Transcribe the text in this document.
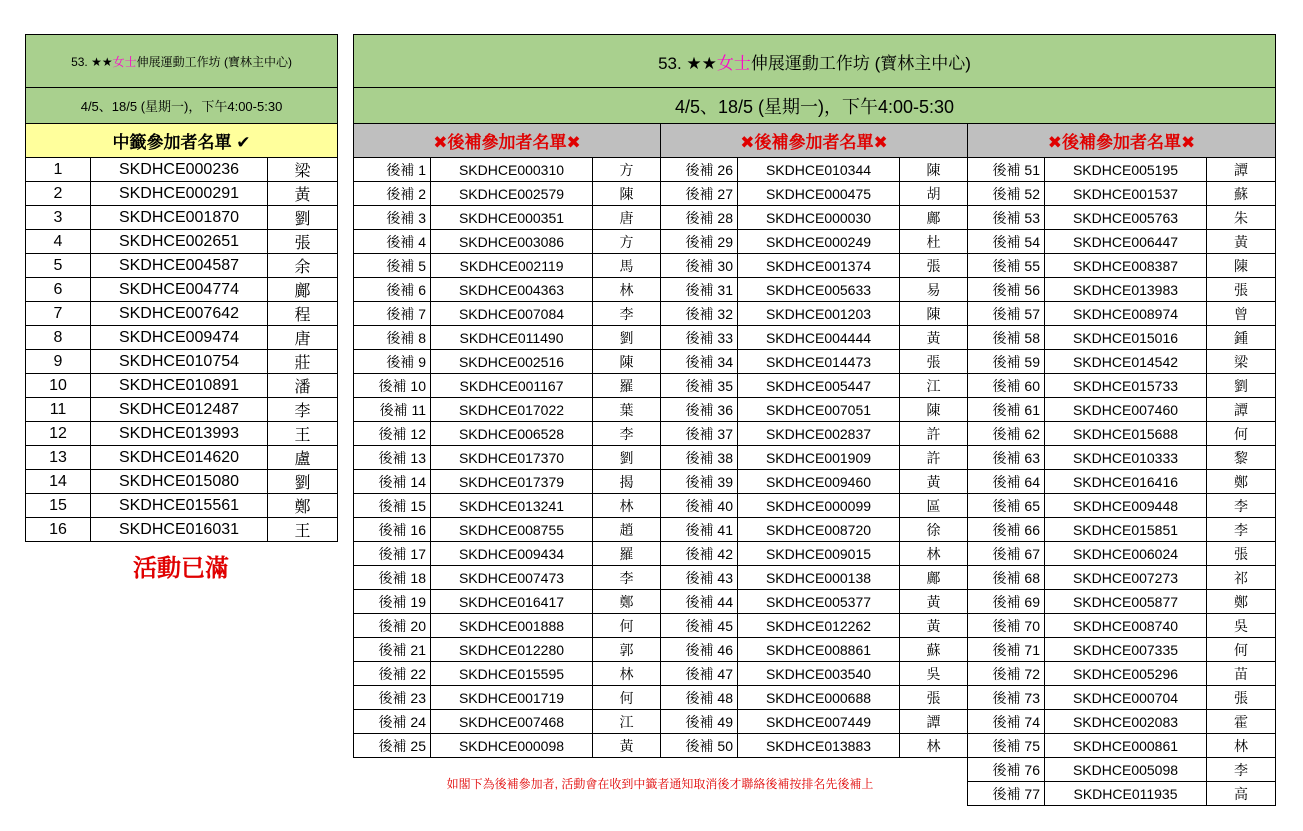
53. ★★女士伸展運動工作坊 (寶林主中心)		
4/5、18/5 (星期一)，下午4:00-5:30		
中籤參加者名單 ✔		
1	SKDHCE000236	梁
2	SKDHCE000291	黃
3	SKDHCE001870	劉
4	SKDHCE002651	張
5	SKDHCE004587	余
6	SKDHCE004774	鄺
7	SKDHCE007642	程
8	SKDHCE009474	唐
9	SKDHCE010754	莊
10	SKDHCE010891	潘
11	SKDHCE012487	李
12	SKDHCE013993	王
13	SKDHCE014620	盧
14	SKDHCE015080	劉
15	SKDHCE015561	鄭
16	SKDHCE016031	王
活動已滿
53. ★★女士伸展運動工作坊 (寶林主中心)								
4/5、18/5 (星期一)，下午4:00-5:30								
✖後補參加者名單✖			✖後補參加者名單✖			✖後補參加者名單✖		
後補 1	SKDHCE000310	方	後補 26	SKDHCE010344	陳	後補 51	SKDHCE005195	譚
後補 2	SKDHCE002579	陳	後補 27	SKDHCE000475	胡	後補 52	SKDHCE001537	蘇
後補 3	SKDHCE000351	唐	後補 28	SKDHCE000030	鄺	後補 53	SKDHCE005763	朱
後補 4	SKDHCE003086	方	後補 29	SKDHCE000249	杜	後補 54	SKDHCE006447	黃
後補 5	SKDHCE002119	馬	後補 30	SKDHCE001374	張	後補 55	SKDHCE008387	陳
後補 6	SKDHCE004363	林	後補 31	SKDHCE005633	易	後補 56	SKDHCE013983	張
後補 7	SKDHCE007084	李	後補 32	SKDHCE001203	陳	後補 57	SKDHCE008974	曾
後補 8	SKDHCE011490	劉	後補 33	SKDHCE004444	黃	後補 58	SKDHCE015016	鍾
後補 9	SKDHCE002516	陳	後補 34	SKDHCE014473	張	後補 59	SKDHCE014542	梁
後補 10	SKDHCE001167	羅	後補 35	SKDHCE005447	江	後補 60	SKDHCE015733	劉
後補 11	SKDHCE017022	葉	後補 36	SKDHCE007051	陳	後補 61	SKDHCE007460	譚
後補 12	SKDHCE006528	李	後補 37	SKDHCE002837	許	後補 62	SKDHCE015688	何
後補 13	SKDHCE017370	劉	後補 38	SKDHCE001909	許	後補 63	SKDHCE010333	黎
後補 14	SKDHCE017379	揭	後補 39	SKDHCE009460	黃	後補 64	SKDHCE016416	鄭
後補 15	SKDHCE013241	林	後補 40	SKDHCE000099	區	後補 65	SKDHCE009448	李
後補 16	SKDHCE008755	趙	後補 41	SKDHCE008720	徐	後補 66	SKDHCE015851	李
後補 17	SKDHCE009434	羅	後補 42	SKDHCE009015	林	後補 67	SKDHCE006024	張
後補 18	SKDHCE007473	李	後補 43	SKDHCE000138	鄺	後補 68	SKDHCE007273	祁
後補 19	SKDHCE016417	鄭	後補 44	SKDHCE005377	黃	後補 69	SKDHCE005877	鄭
後補 20	SKDHCE001888	何	後補 45	SKDHCE012262	黃	後補 70	SKDHCE008740	吳
後補 21	SKDHCE012280	郭	後補 46	SKDHCE008861	蘇	後補 71	SKDHCE007335	何
後補 22	SKDHCE015595	林	後補 47	SKDHCE003540	吳	後補 72	SKDHCE005296	苗
後補 23	SKDHCE001719	何	後補 48	SKDHCE000688	張	後補 73	SKDHCE000704	張
後補 24	SKDHCE007468	江	後補 49	SKDHCE007449	譚	後補 74	SKDHCE002083	霍
後補 25	SKDHCE000098	黃	後補 50	SKDHCE013883	林	後補 75	SKDHCE000861	林
						後補 76	SKDHCE005098	李
						後補 77	SKDHCE011935	高
如閣下為後補參加者, 活動會在收到中籤者通知取消後才聯絡後補按排名先後補上
